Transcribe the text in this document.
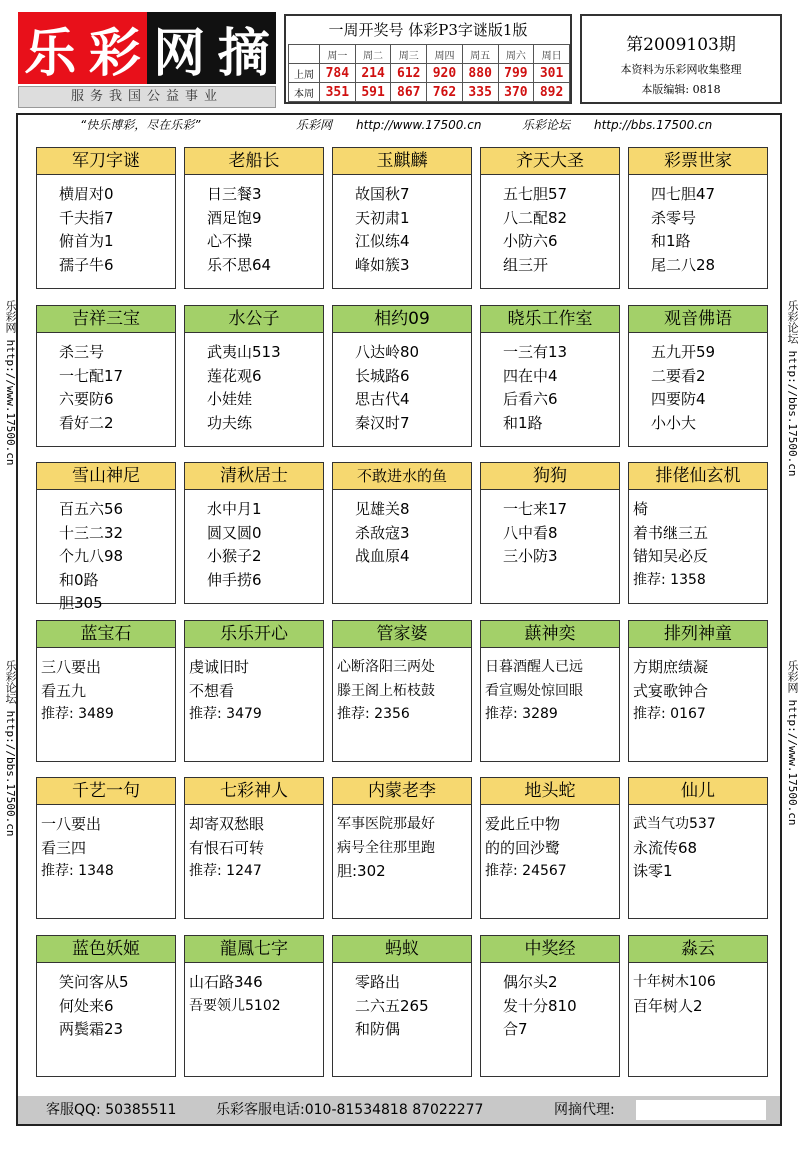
乐 彩 网 摘
服务我国公益事业
一周开奖号 体彩P3字谜版1版
	周一	周二	周三	周四	周五	周六	周日
上周	784	214	612	920	880	799	301
本周	351	591	867	762	335	370	892
第2009103期
本资料为乐彩网收集整理
本版编辑: 0818
“快乐博彩，尽在乐彩”	乐彩网 http://www.17500.cn	乐彩论坛 http://bbs.17500.cn
乐彩网 http://www.17500.cn
乐彩论坛 http://bbs.17500.cn
乐彩论坛 http://bbs.17500.cn
乐彩网 http://www.17500.cn
军刀字谜
横眉对0
千夫指7
俯首为1
孺子牛6
老船长
日三餐3
酒足饱9
心不操
乐不思64
玉麒麟
故国秋7
天初肃1
江似练4
峰如簇3
齐天大圣
五七胆57
八二配82
小防六6
组三开
彩票世家
四七胆47
杀零号
和1路
尾二八28
吉祥三宝
杀三号
一七配17
六要防6
看好二2
水公子
武夷山513
莲花观6
小娃娃
功夫练
相约09
八达岭80
长城路6
思古代4
秦汉时7
晓乐工作室
一三有13
四在中4
后看六6
和1路
观音佛语
五九开59
二要看2
四要防4
小小大
雪山神尼
百五六56
十三二32
个九八98
和0路
胆305
清秋居士
水中月1
圆又圆0
小猴子2
伸手捞6
不敢进水的鱼
见雄关8
杀敌寇3
战血原4
狗狗
一七来17
八中看8
三小防3
排佬仙玄机
椅
着书继三五
错知吴必反
推荐: 1358
蓝宝石
三八要出
看五九
推荐: 3489
乐乐开心
虔诚旧时
不想看
推荐: 3479
管家婆
心断洛阳三两处
滕王阁上柘枝鼓
推荐: 2356
蕻神奕
日暮酒醒人已远
看宣赐处惊回眼
推荐: 3289
排列神童
方期庶绩凝
式宴歌钟合
推荐: 0167
千艺一句
一八要出
看三四
推荐: 1348
七彩神人
却寄双愁眼
有恨石可转
推荐: 1247
内蒙老李
军事医院那最好
病号全往那里跑
胆:302
地头蛇
爱此丘中物
的的回沙鹭
推荐: 24567
仙儿
武当气功537
永流传68
诛零1
蓝色妖姬
笑问客从5
何处来6
两鬓霜23
龍鳳七字
山石路346
吾要领儿5102
蚂蚁
零路出
二六五265
和防偶
中奖经
偶尔头2
发十分810
合7
淼云
十年树木106
百年树人2
客服QQ: 50385511	乐彩客服电话:010-81534818 87022277	网摘代理:
